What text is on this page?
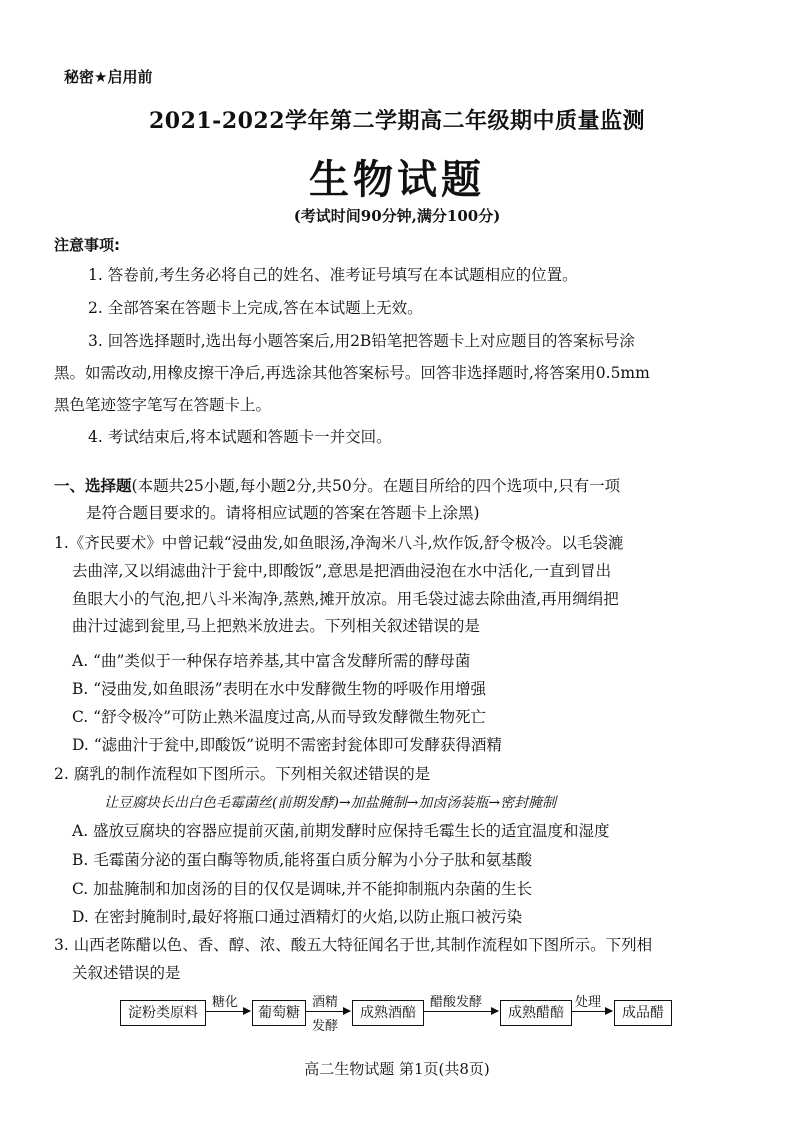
秘密★启用前
2021-2022学年第二学期高二年级期中质量监测
生物试题
(考试时间90分钟,满分100分)
注意事项:
1. 答卷前,考生务必将自己的姓名、准考证号填写在本试题相应的位置。
2. 全部答案在答题卡上完成,答在本试题上无效。
3. 回答选择题时,选出每小题答案后,用2B铅笔把答题卡上对应题目的答案标号涂
黑。如需改动,用橡皮擦干净后,再选涂其他答案标号。回答非选择题时,将答案用0.5mm
黑色笔迹签字笔写在答题卡上。
4. 考试结束后,将本试题和答题卡一并交回。
一、选择题(本题共25小题,每小题2分,共50分。在题目所给的四个选项中,只有一项
是符合题目要求的。请将相应试题的答案在答题卡上涂黑)
1.《齐民要术》中曾记载“浸曲发,如鱼眼汤,净淘米八斗,炊作饭,舒令极冷。以毛袋漉
去曲滓,又以绢滤曲汁于瓮中,即酸饭”,意思是把酒曲浸泡在水中活化,一直到冒出
鱼眼大小的气泡,把八斗米淘净,蒸熟,摊开放凉。用毛袋过滤去除曲渣,再用绸绢把
曲汁过滤到瓮里,马上把熟米放进去。下列相关叙述错误的是
A. “曲”类似于一种保存培养基,其中富含发酵所需的酵母菌
B. “浸曲发,如鱼眼汤”表明在水中发酵微生物的呼吸作用增强
C. “舒令极冷”可防止熟米温度过高,从而导致发酵微生物死亡
D. “滤曲汁于瓮中,即酸饭”说明不需密封瓮体即可发酵获得酒精
2. 腐乳的制作流程如下图所示。下列相关叙述错误的是
让豆腐块长出白色毛霉菌丝(前期发酵)→加盐腌制→加卤汤装瓶→密封腌制
A. 盛放豆腐块的容器应提前灭菌,前期发酵时应保持毛霉生长的适宜温度和湿度
B. 毛霉菌分泌的蛋白酶等物质,能将蛋白质分解为小分子肽和氨基酸
C. 加盐腌制和加卤汤的目的仅仅是调味,并不能抑制瓶内杂菌的生长
D. 在密封腌制时,最好将瓶口通过酒精灯的火焰,以防止瓶口被污染
3. 山西老陈醋以色、香、醇、浓、酸五大特征闻名于世,其制作流程如下图所示。下列相
关叙述错误的是
淀粉类原料
糖化
葡萄糖
酒精
发酵
成熟酒醅
醋酸发酵
成熟醋醅
处理
成品醋
高二生物试题 第1页(共8页)
